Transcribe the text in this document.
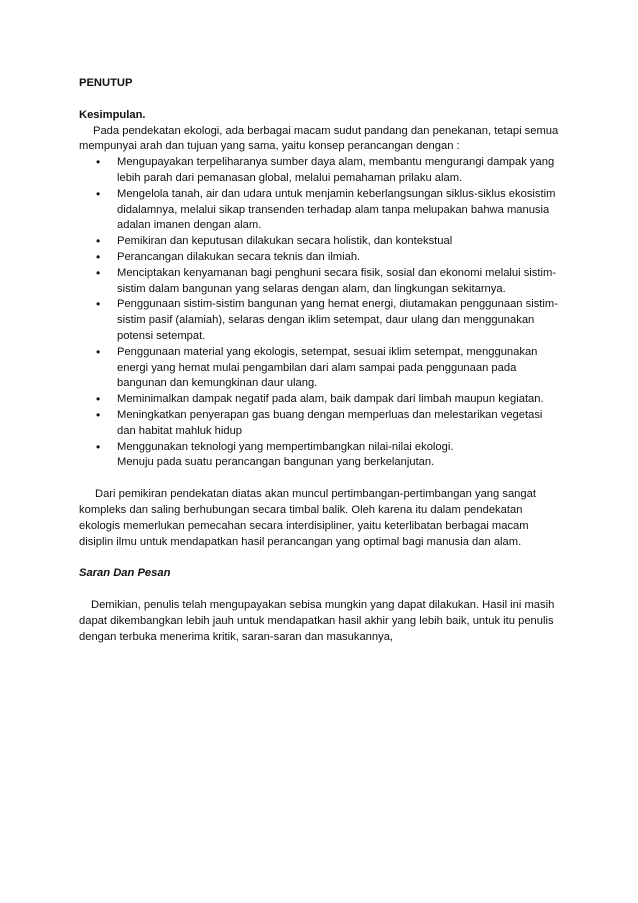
PENUTUP

Kesimpulan.

Pada pendekatan ekologi, ada berbagai macam sudut pandang dan penekanan, tetapi semua mempunyai arah dan tujuan yang sama, yaitu konsep perancangan dengan :

• Mengupayakan terpeliharanya sumber daya alam, membantu mengurangi dampak yang lebih parah dari pemanasan global, melalui pemahaman prilaku alam.
• Mengelola tanah, air dan udara untuk menjamin keberlangsungan siklus-siklus ekosistim didalamnya, melalui sikap transenden terhadap alam tanpa melupakan bahwa manusia adalan imanen dengan alam.
• Pemikiran dan keputusan dilakukan secara holistik, dan kontekstual
• Perancangan dilakukan secara teknis dan ilmiah.
• Menciptakan kenyamanan bagi penghuni secara fisik, sosial dan ekonomi melalui sistim-sistim dalam bangunan yang selaras dengan alam, dan lingkungan sekitarnya.
• Penggunaan sistim-sistim bangunan yang hemat energi, diutamakan penggunaan sistim-sistim pasif (alamiah), selaras dengan iklim setempat, daur ulang dan menggunakan potensi setempat.
• Penggunaan material yang ekologis, setempat, sesuai iklim setempat, menggunakan energi yang hemat mulai pengambilan dari alam sampai pada penggunaan pada bangunan dan kemungkinan daur ulang.
• Meminimalkan dampak negatif pada alam, baik dampak dari limbah maupun kegiatan.
• Meningkatkan penyerapan gas buang dengan memperluas dan melestarikan vegetasi dan habitat mahluk hidup
• Menggunakan teknologi yang mempertimbangkan nilai-nilai ekologi.

Menuju pada suatu perancangan bangunan yang berkelanjutan.

Dari pemikiran pendekatan diatas akan muncul pertimbangan-pertimbangan yang sangat kompleks dan saling berhubungan secara timbal balik. Oleh karena itu dalam pendekatan ekologis memerlukan pemecahan secara interdisipliner, yaitu keterlibatan berbagai macam disiplin ilmu untuk mendapatkan hasil perancangan yang optimal bagi manusia dan alam.

Saran Dan Pesan

Demikian, penulis telah mengupayakan sebisa mungkin yang dapat dilakukan. Hasil ini masih dapat dikembangkan lebih jauh untuk mendapatkan hasil akhir yang lebih baik, untuk itu penulis dengan terbuka menerima kritik, saran-saran dan masukannya,
